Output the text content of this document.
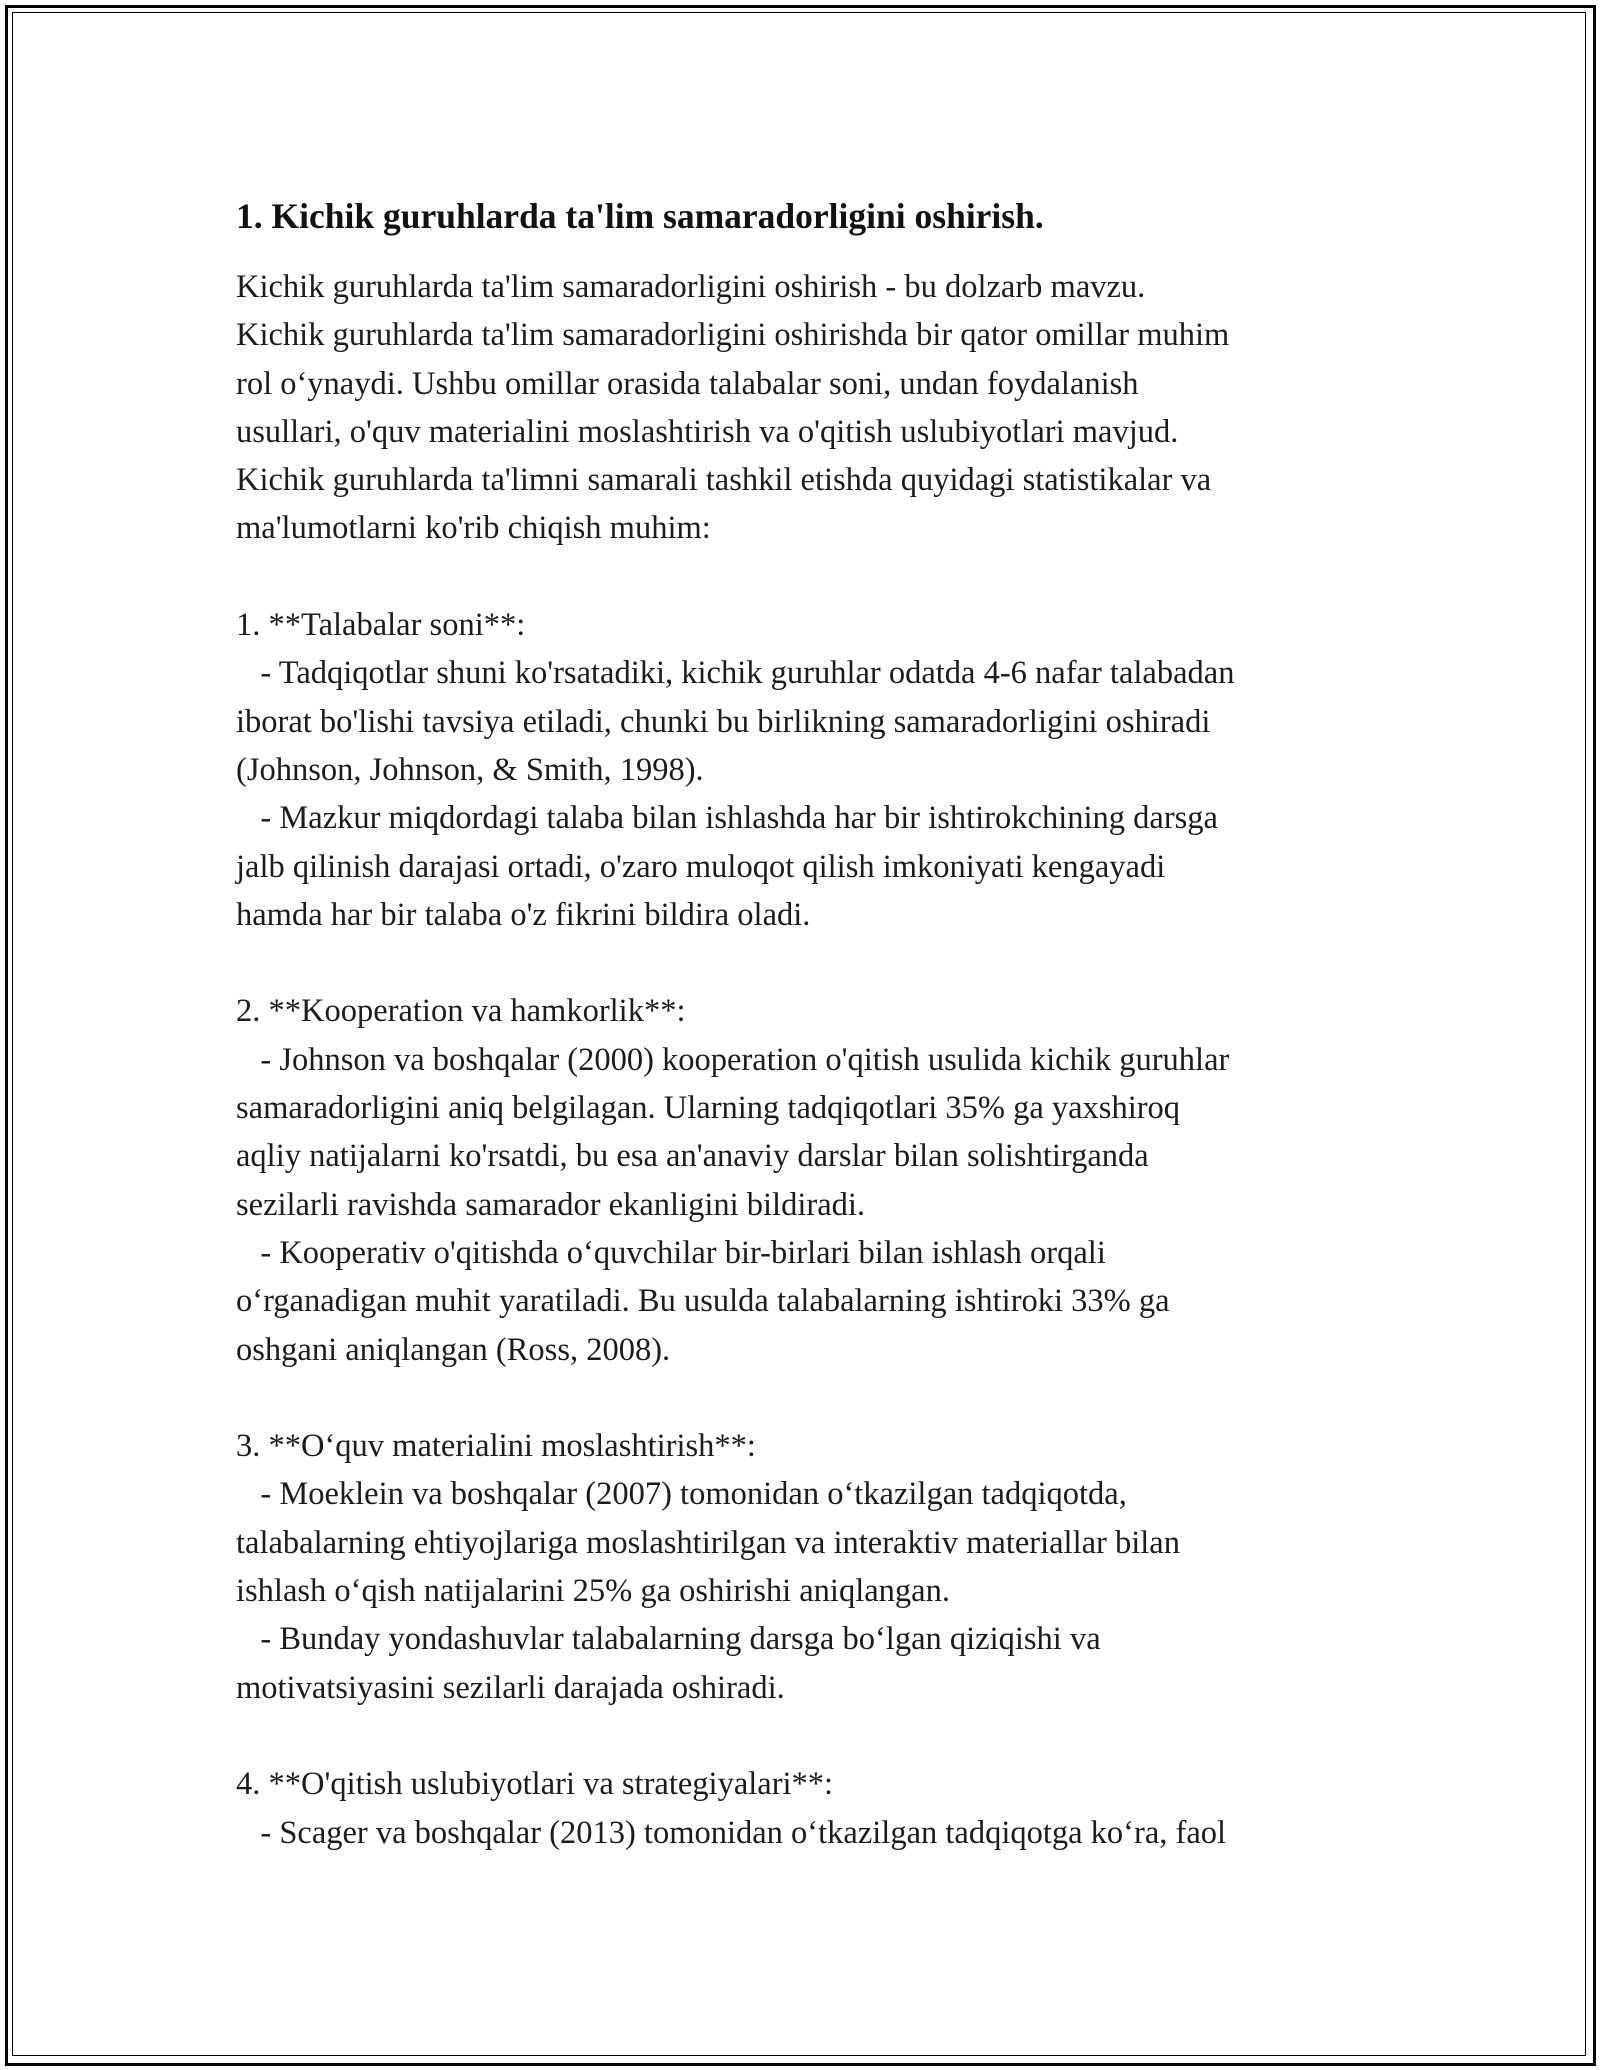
1. Kichik guruhlarda ta'lim samaradorligini oshirish.
Kichik guruhlarda ta'lim samaradorligini oshirish - bu dolzarb mavzu.
Kichik guruhlarda ta'lim samaradorligini oshirishda bir qator omillar muhim
rol o‘ynaydi. Ushbu omillar orasida talabalar soni, undan foydalanish
usullari, o'quv materialini moslashtirish va o'qitish uslubiyotlari mavjud.
Kichik guruhlarda ta'limni samarali tashkil etishda quyidagi statistikalar va
ma'lumotlarni ko'rib chiqish muhim:
1. **Talabalar soni**:
- Tadqiqotlar shuni ko'rsatadiki, kichik guruhlar odatda 4-6 nafar talabadan
iborat bo'lishi tavsiya etiladi, chunki bu birlikning samaradorligini oshiradi
(Johnson, Johnson, & Smith, 1998).
- Mazkur miqdordagi talaba bilan ishlashda har bir ishtirokchining darsga
jalb qilinish darajasi ortadi, o'zaro muloqot qilish imkoniyati kengayadi
hamda har bir talaba o'z fikrini bildira oladi.
2. **Kooperation va hamkorlik**:
- Johnson va boshqalar (2000) kooperation o'qitish usulida kichik guruhlar
samaradorligini aniq belgilagan. Ularning tadqiqotlari 35% ga yaxshiroq
aqliy natijalarni ko'rsatdi, bu esa an'anaviy darslar bilan solishtirganda
sezilarli ravishda samarador ekanligini bildiradi.
- Kooperativ o'qitishda o‘quvchilar bir-birlari bilan ishlash orqali
o‘rganadigan muhit yaratiladi. Bu usulda talabalarning ishtiroki 33% ga
oshgani aniqlangan (Ross, 2008).
3. **O‘quv materialini moslashtirish**:
- Moeklein va boshqalar (2007) tomonidan o‘tkazilgan tadqiqotda,
talabalarning ehtiyojlariga moslashtirilgan va interaktiv materiallar bilan
ishlash o‘qish natijalarini 25% ga oshirishi aniqlangan.
- Bunday yondashuvlar talabalarning darsga bo‘lgan qiziqishi va
motivatsiyasini sezilarli darajada oshiradi.
4. **O'qitish uslubiyotlari va strategiyalari**:
- Scager va boshqalar (2013) tomonidan o‘tkazilgan tadqiqotga ko‘ra, faol
